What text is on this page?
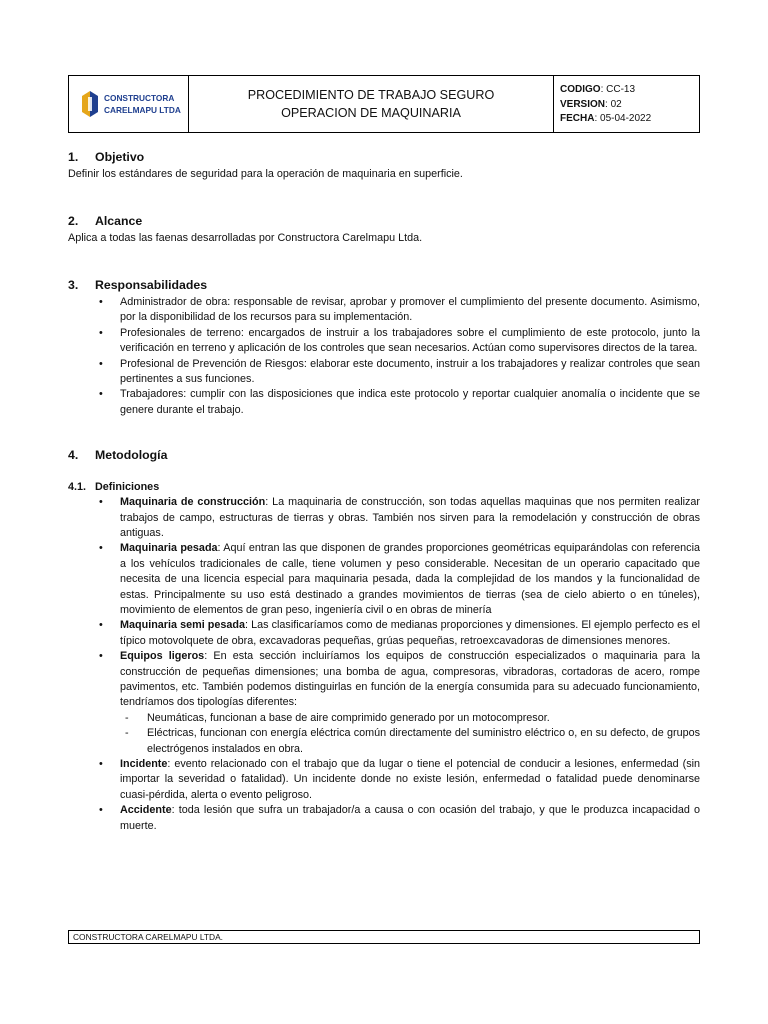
CONSTRUCTORA
CARELMAPU LTDA
PROCEDIMIENTO DE TRABAJO SEGURO
OPERACION DE MAQUINARIA
CODIGO: CC-13
VERSION: 02
FECHA: 05-04-2022
1.	Objetivo

Definir los estándares de seguridad para la operación de maquinaria en superficie.

2.	Alcance

Aplica a todas las faenas desarrolladas por Constructora Carelmapu Ltda.

3.	Responsabilidades
• Administrador de obra: responsable de revisar, aprobar y promover el cumplimiento del presente documento. Asimismo, por la disponibilidad de los recursos para su implementación.
• Profesionales de terreno: encargados de instruir a los trabajadores sobre el cumplimiento de este protocolo, junto la verificación en terreno y aplicación de los controles que sean necesarios. Actúan como supervisores directos de la tarea.
• Profesional de Prevención de Riesgos: elaborar este documento, instruir a los trabajadores y realizar controles que sean pertinentes a sus funciones.
• Trabajadores: cumplir con las disposiciones que indica este protocolo y reportar cualquier anomalía o incidente que se genere durante el trabajo.
4.	Metodología
4.1. Definiciones
• Maquinaria de construcción: La maquinaria de construcción, son todas aquellas maquinas que nos permiten realizar trabajos de campo, estructuras de tierras y obras. También nos sirven para la remodelación y construcción de obras antiguas.
• Maquinaria pesada: Aquí entran las que disponen de grandes proporciones geométricas equiparándolas con referencia a los vehículos tradicionales de calle, tiene volumen y peso considerable. Necesitan de un operario capacitado que necesita de una licencia especial para maquinaria pesada, dada la complejidad de los mandos y la funcionalidad de estas. Principalmente su uso está destinado a grandes movimientos de tierras (sea de cielo abierto o en túneles), movimiento de elementos de gran peso, ingeniería civil o en obras de minería
• Maquinaria semi pesada: Las clasificaríamos como de medianas proporciones y dimensiones. El ejemplo perfecto es el típico motovolquete de obra, excavadoras pequeñas, grúas pequeñas, retroexcavadoras de dimensiones menores.
• Equipos ligeros: En esta sección incluiríamos los equipos de construcción especializados o maquinaria para la construcción de pequeñas dimensiones; una bomba de agua, compresoras, vibradoras, cortadoras de acero, rompe pavimentos, etc. También podemos distinguirlas en función de la energía consumida para su adecuado funcionamiento, tendríamos dos tipologías diferentes:
- Neumáticas, funcionan a base de aire comprimido generado por un motocompresor.
- Eléctricas, funcionan con energía eléctrica común directamente del suministro eléctrico o, en su defecto, de grupos electrógenos instalados en obra.
• Incidente: evento relacionado con el trabajo que da lugar o tiene el potencial de conducir a lesiones, enfermedad (sin importar la severidad o fatalidad). Un incidente donde no existe lesión, enfermedad o fatalidad puede denominarse cuasi-pérdida, alerta o evento peligroso.
• Accidente: toda lesión que sufra un trabajador/a a causa o con ocasión del trabajo, y que le produzca incapacidad o muerte.
CONSTRUCTORA CARELMAPU LTDA.
